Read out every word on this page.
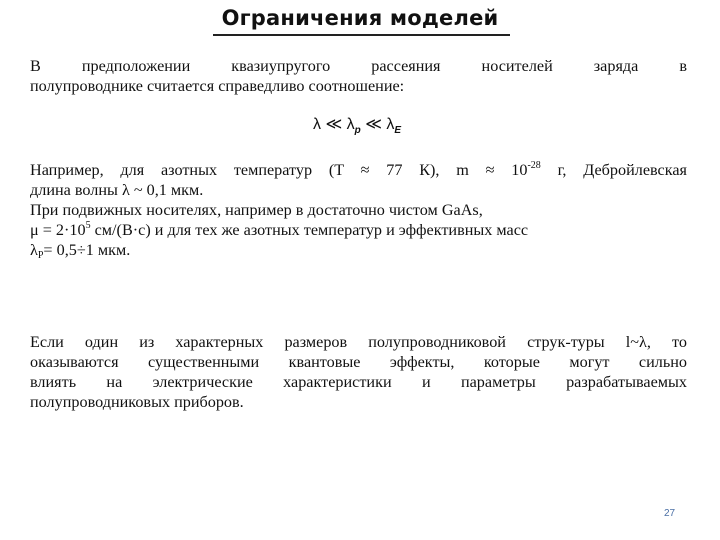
Ограничения моделей
В предположении квазиупругого рассеяния носителей заряда в
полупроводнике считается справедливо соотношение:
λ ≪ $\lambda_p$ ≪ $\lambda_E$
Например, для азотных температур (T ≈ 77 К), $m \approx 10^{-28}$ г, Дебройлевская
длина волны λ ~ 0,1 мкм.
При подвижных носителях, например в достаточно чистом GaAs,
$\mu = 2\cdot 10^5$ см/(В·с) и для тех же азотных температур и эффективных масс
$\lambda_P= 0,5\div 1$ мкм.
Если один из характерных размеров полупроводниковой струк-туры l~λ, то
оказываются существенными квантовые эффекты, которые могут сильно
влиять на электрические характеристики и параметры разрабатываемых
полупроводниковых приборов.
27
